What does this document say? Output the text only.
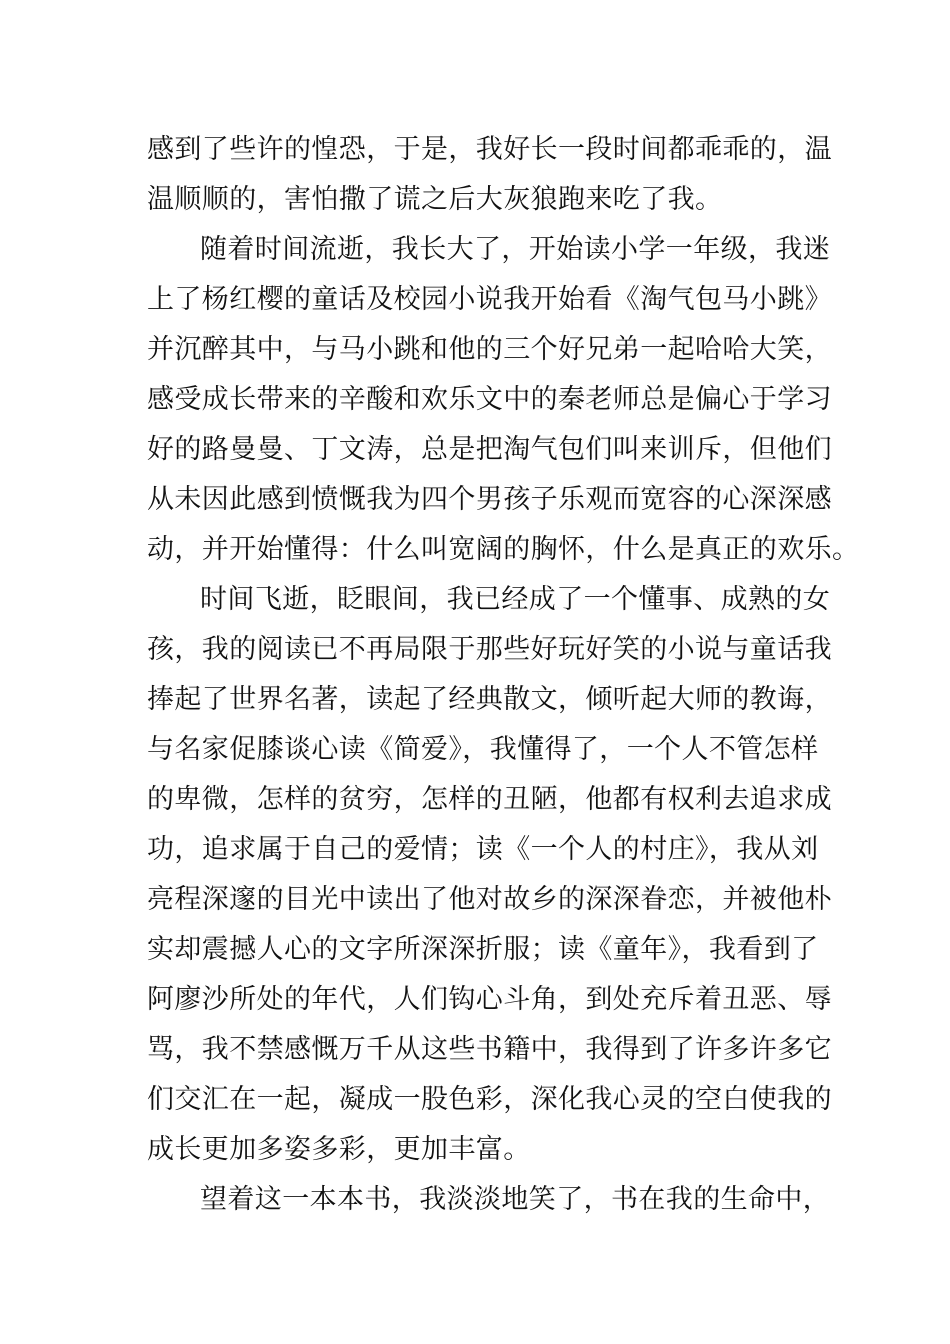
感到了些许的惶恐，于是，我好长一段时间都乖乖的，温
温顺顺的，害怕撒了谎之后大灰狼跑来吃了我。
随着时间流逝，我长大了，开始读小学一年级，我迷
上了杨红樱的童话及校园小说我开始看《淘气包马小跳》
并沉醉其中，与马小跳和他的三个好兄弟一起哈哈大笑，
感受成长带来的辛酸和欢乐文中的秦老师总是偏心于学习
好的路曼曼、丁文涛，总是把淘气包们叫来训斥，但他们
从未因此感到愤慨我为四个男孩子乐观而宽容的心深深感
动，并开始懂得：什么叫宽阔的胸怀，什么是真正的欢乐。
时间飞逝，眨眼间，我已经成了一个懂事、成熟的女
孩，我的阅读已不再局限于那些好玩好笑的小说与童话我
捧起了世界名著，读起了经典散文，倾听起大师的教诲，
与名家促膝谈心读《简爱》，我懂得了，一个人不管怎样
的卑微，怎样的贫穷，怎样的丑陋，他都有权利去追求成
功，追求属于自己的爱情；读《一个人的村庄》，我从刘
亮程深邃的目光中读出了他对故乡的深深眷恋，并被他朴
实却震撼人心的文字所深深折服；读《童年》，我看到了
阿廖沙所处的年代，人们钩心斗角，到处充斥着丑恶、辱
骂，我不禁感慨万千从这些书籍中，我得到了许多许多它
们交汇在一起，凝成一股色彩，深化我心灵的空白使我的
成长更加多姿多彩，更加丰富。
望着这一本本书，我淡淡地笑了，书在我的生命中，
